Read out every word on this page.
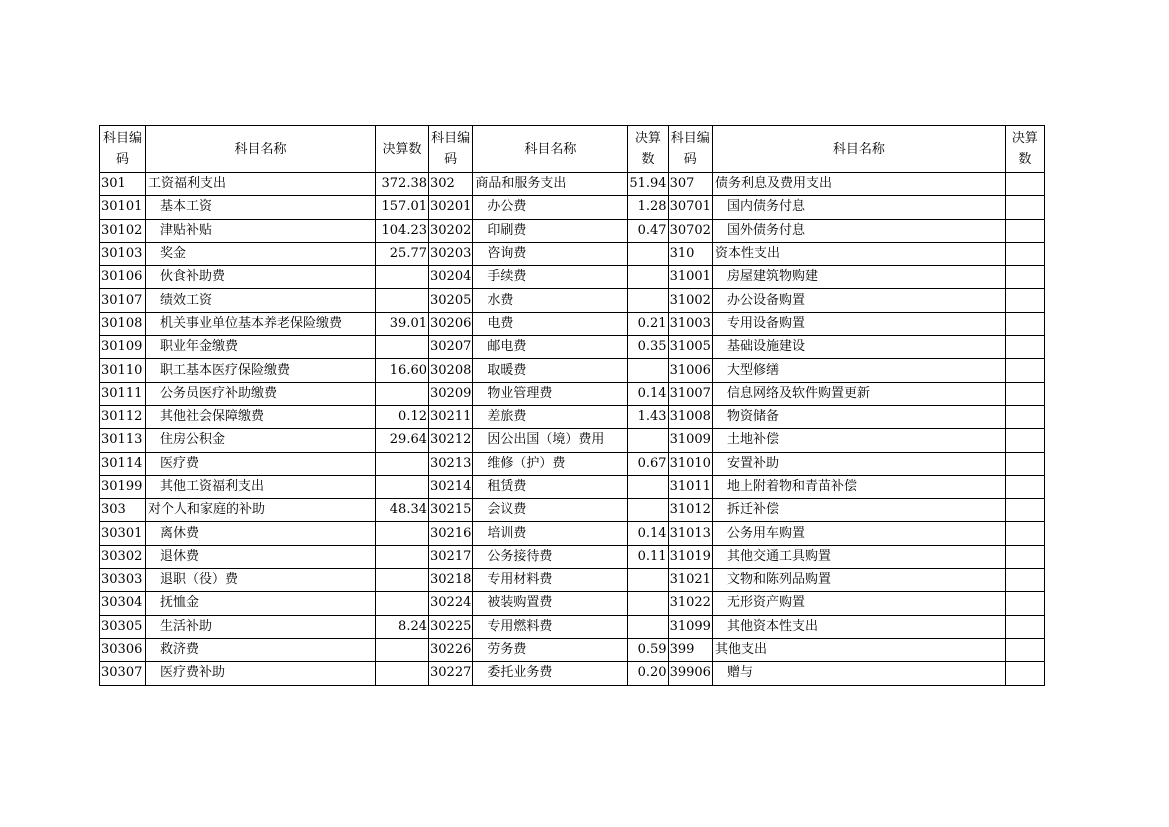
科目编码	科目名称	决算数	科目编码	科目名称	决算数	科目编码	科目名称	决算数
301	工资福利支出	372.38	302	商品和服务支出	51.94	307	债务利息及费用支出	
30101	基本工资	157.01	30201	办公费	1.28	30701	国内债务付息	
30102	津贴补贴	104.23	30202	印刷费	0.47	30702	国外债务付息	
30103	奖金	25.77	30203	咨询费		310	资本性支出	
30106	伙食补助费		30204	手续费		31001	房屋建筑物购建	
30107	绩效工资		30205	水费		31002	办公设备购置	
30108	机关事业单位基本养老保险缴费	39.01	30206	电费	0.21	31003	专用设备购置	
30109	职业年金缴费		30207	邮电费	0.35	31005	基础设施建设	
30110	职工基本医疗保险缴费	16.60	30208	取暖费		31006	大型修缮	
30111	公务员医疗补助缴费		30209	物业管理费	0.14	31007	信息网络及软件购置更新	
30112	其他社会保障缴费	0.12	30211	差旅费	1.43	31008	物资储备	
30113	住房公积金	29.64	30212	因公出国（境）费用		31009	土地补偿	
30114	医疗费		30213	维修（护）费	0.67	31010	安置补助	
30199	其他工资福利支出		30214	租赁费		31011	地上附着物和青苗补偿	
303	对个人和家庭的补助	48.34	30215	会议费		31012	拆迁补偿	
30301	离休费		30216	培训费	0.14	31013	公务用车购置	
30302	退休费		30217	公务接待费	0.11	31019	其他交通工具购置	
30303	退职（役）费		30218	专用材料费		31021	文物和陈列品购置	
30304	抚恤金		30224	被装购置费		31022	无形资产购置	
30305	生活补助	8.24	30225	专用燃料费		31099	其他资本性支出	
30306	救济费		30226	劳务费	0.59	399	其他支出	
30307	医疗费补助		30227	委托业务费	0.20	39906	赠与	
